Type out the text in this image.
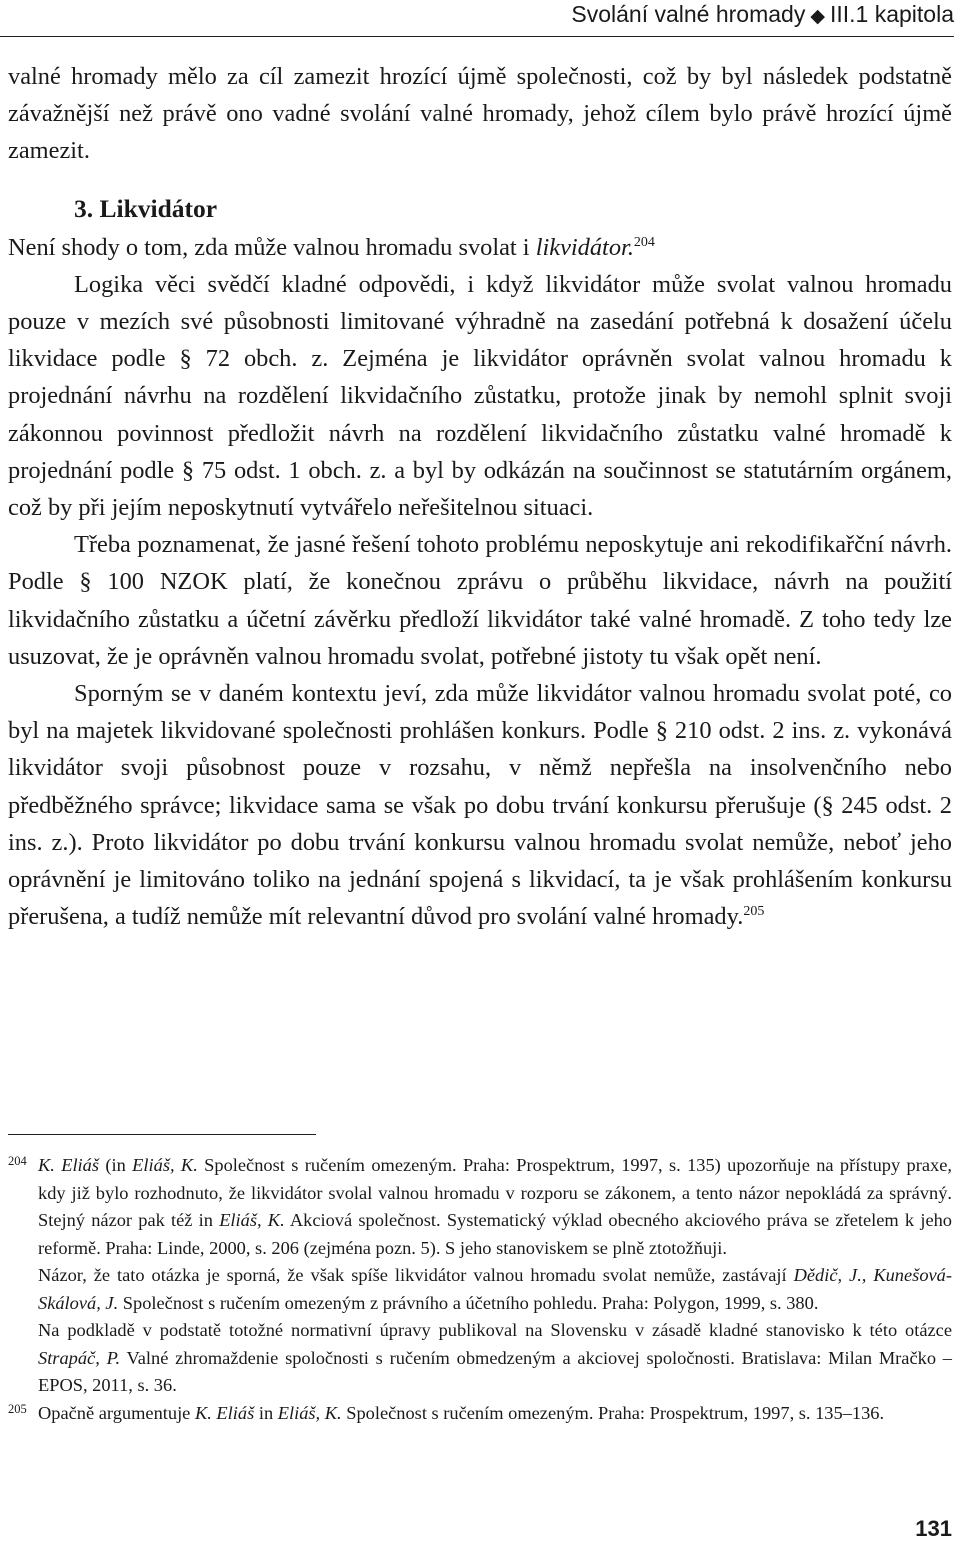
Svolání valné hromady ◆ III.1 kapitola

valné hromady mělo za cíl zamezit hrozící újmě společnosti, což by byl následek podstatně závažnější než právě ono vadné svolání valné hromady, jehož cílem bylo právě hrozící újmě zamezit.

3. Likvidátor

Není shody o tom, zda může valnou hromadu svolat i likvidátor.$^{204}$

Logika věci svědčí kladné odpovědi, i když likvidátor může svolat valnou hromadu pouze v mezích své působnosti limitované výhradně na zasedání potřebná k dosažení účelu likvidace podle § 72 obch. z. Zejména je likvidátor oprávněn svolat valnou hromadu k projednání návrhu na rozdělení likvidačního zůstatku, protože jinak by nemohl splnit svoji zákonnou povinnost předložit návrh na rozdělení likvidačního zůstatku valné hromadě k projednání podle § 75 odst. 1 obch. z. a byl by odkázán na součinnost se statutárním orgánem, což by při jejím neposkytnutí vytvářelo neřešitelnou situaci.

Třeba poznamenat, že jasné řešení tohoto problému neposkytuje ani rekodifikařční návrh. Podle § 100 NZOK platí, že konečnou zprávu o průběhu likvidace, návrh na použití likvidačního zůstatku a účetní závěrku předloží likvidátor také valné hromadě. Z toho tedy lze usuzovat, že je oprávněn valnou hromadu svolat, potřebné jistoty tu však opět není.

Sporným se v daném kontextu jeví, zda může likvidátor valnou hromadu svolat poté, co byl na majetek likvidované společnosti prohlášen konkurs. Podle § 210 odst. 2 ins. z. vykonává likvidátor svoji působnost pouze v rozsahu, v němž nepřešla na insolvenčního nebo předběžného správce; likvidace sama se však po dobu trvání konkursu přerušuje (§ 245 odst. 2 ins. z.). Proto likvidátor po dobu trvání konkursu valnou hromadu svolat nemůže, neboť jeho oprávnění je limitováno toliko na jednání spojená s likvidací, ta je však prohlášením konkursu přerušena, a tudíž nemůže mít relevantní důvod pro svolání valné hromady.$^{205}$

204 K. Eliáš (in Eliáš, K. Společnost s ručením omezeným. Praha: Prospektrum, 1997, s. 135) upozorňuje na přístupy praxe, kdy již bylo rozhodnuto, že likvidátor svolal valnou hromadu v rozporu se zákonem, a tento názor nepokládá za správný. Stejný názor pak též in Eliáš, K. Akciová společnost. Systematický výklad obecného akciového práva se zřetelem k jeho reformě. Praha: Linde, 2000, s. 206 (zejména pozn. 5). S jeho stanoviskem se plně ztotožňuji.

Názor, že tato otázka je sporná, že však spíše likvidátor valnou hromadu svolat nemůže, zastávají Dědič, J., Kunešová-Skálová, J. Společnost s ručením omezeným z právního a účetního pohledu. Praha: Polygon, 1999, s. 380.

Na podkladě v podstatě totožné normativní úpravy publikoval na Slovensku v zásadě kladné stanovisko k této otázce Strapáč, P. Valné zhromaždenie spoločnosti s ručením obmedzeným a akciovej spoločnosti. Bratislava: Milan Mračko – EPOS, 2011, s. 36.

205 Opačně argumentuje K. Eliáš in Eliáš, K. Společnost s ručením omezeným. Praha: Prospektrum, 1997, s. 135–136.

131
